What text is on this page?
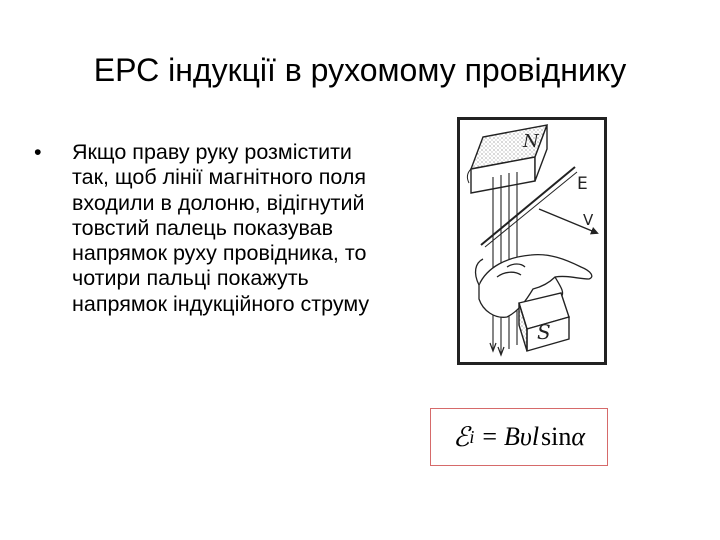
ЕРС індукції в рухомому провіднику
• Якщо праву руку розмістити так, щоб лінії магнітного поля входили в долоню, відігнутий товстий палець показував напрямок руху провідника, то чотири пальці покажуть напрямок індукційного струму
N
E
V
S
ℰ i = Bυl sin α
